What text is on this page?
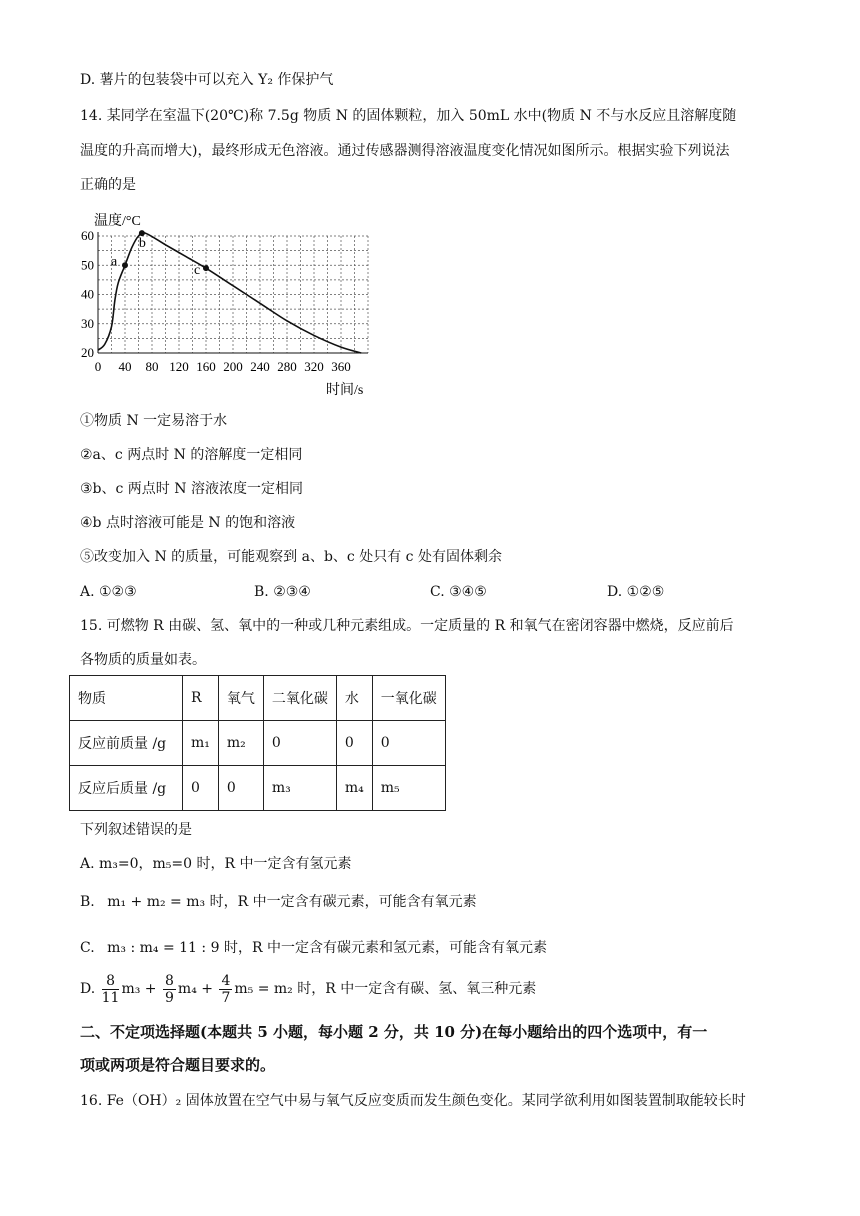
D. 薯片的包装袋中可以充入 Y₂ 作保护气
14. 某同学在室温下(20℃)称 7.5g 物质 N 的固体颗粒，加入 50mL 水中(物质 N 不与水反应且溶解度随
温度的升高而增大)，最终形成无色溶液。通过传感器测得溶液温度变化情况如图所示。根据实验下列说法
正确的是
温度/°C
0 40 80 120 160 200 240 280 320 360
20
30
40
50
60
a
b
c
时间/s
①物质 N 一定易溶于水
②a、c 两点时 N 的溶解度一定相同
③b、c 两点时 N 溶液浓度一定相同
④b 点时溶液可能是 N 的饱和溶液
⑤改变加入 N 的质量，可能观察到 a、b、c 处只有 c 处有固体剩余
A. ①②③	B. ②③④	C. ③④⑤	D. ①②⑤
15. 可燃物 R 由碳、氢、氧中的一种或几种元素组成。一定质量的 R 和氧气在密闭容器中燃烧，反应前后
各物质的质量如表。
物质	R	氧气	二氧化碳	水	一氧化碳
反应前质量 /g	m₁	m₂	0	0	0
反应后质量 /g	0	0	m₃	m₄	m₅
下列叙述错误的是
A. m₃=0，m₅=0 时，R 中一定含有氢元素
B. m₁ + m₂ = m₃ 时，R 中一定含有碳元素，可能含有氧元素
C. m₃ : m₄ = 11 : 9 时，R 中一定含有碳元素和氢元素，可能含有氧元素
D. $\frac{8}{11} m_3 + \frac{8}{9} m_4 + \frac{4}{7} m_5 = m_2$ 时，R 中一定含有碳、氢、氧三种元素
二、不定项选择题(本题共 5 小题，每小题 2 分，共 10 分)在每小题给出的四个选项中，有一
项或两项是符合题目要求的。
16. Fe（OH）₂ 固体放置在空气中易与氧气反应变质而发生颜色变化。某同学欲利用如图装置制取能较长时
